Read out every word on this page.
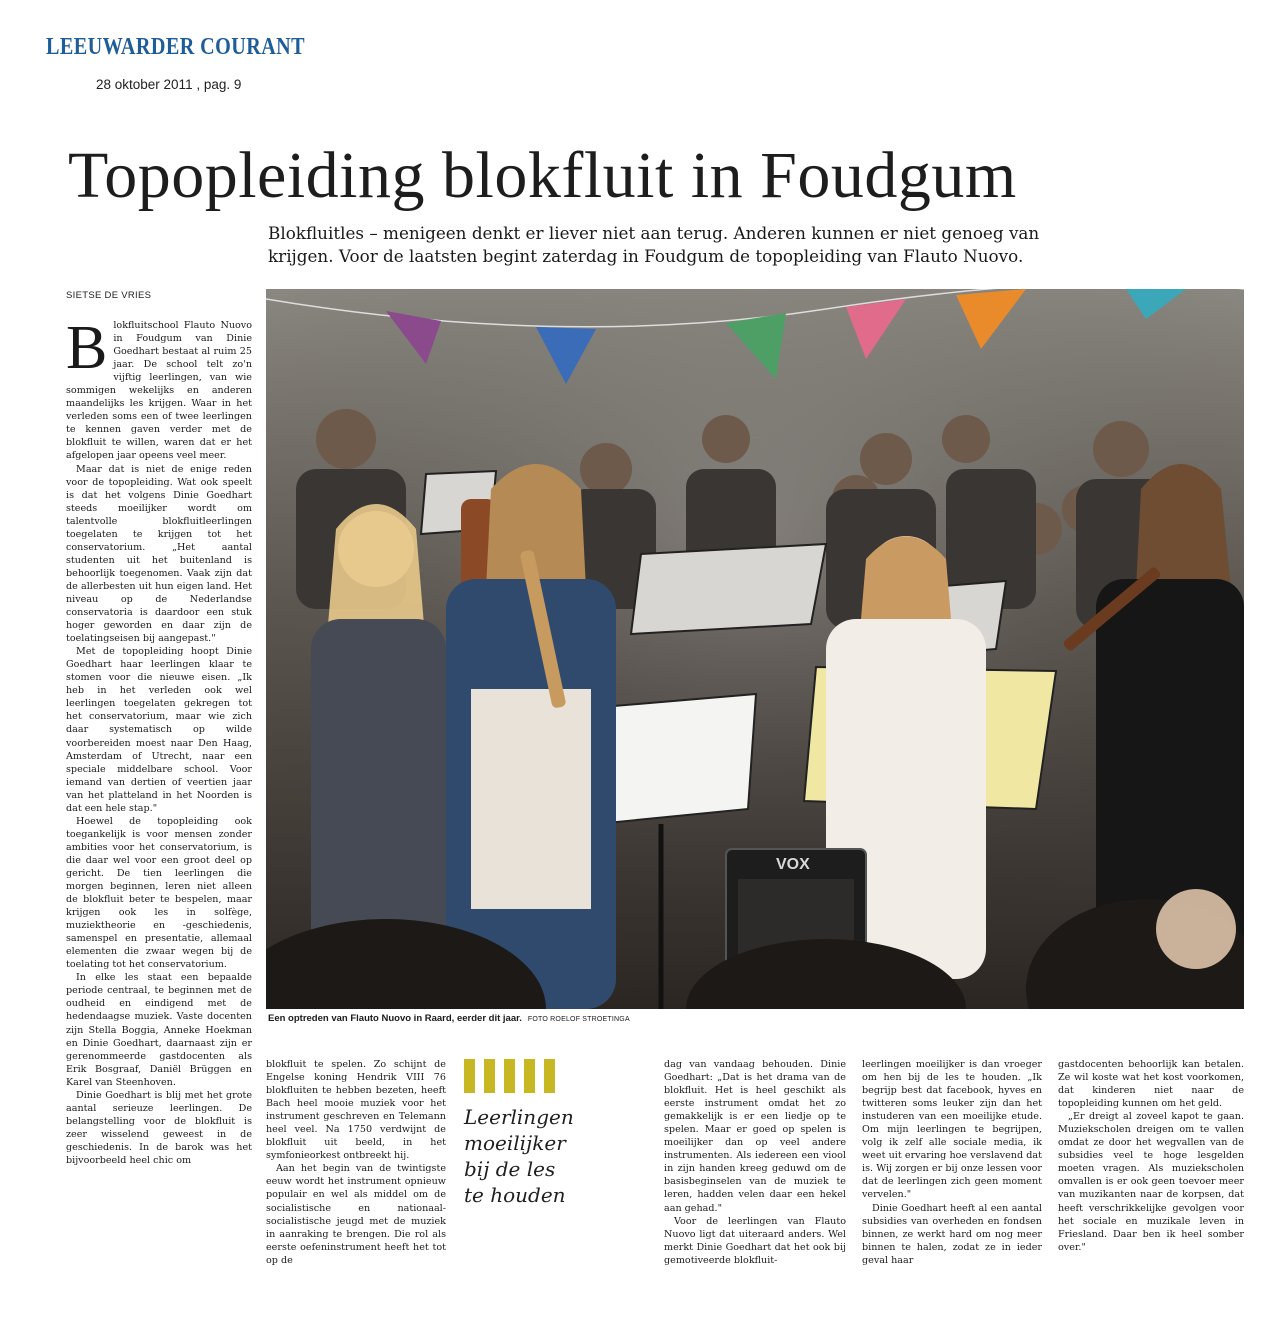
LEEUWARDER COURANT
28 oktober 2011 , pag. 9
Topopleiding blokfluit in Foudgum
Blokfluitles – menigeen denkt er liever niet aan terug. Anderen kunnen er niet genoeg van
krijgen. Voor de laatsten begint zaterdag in Foudgum de topopleiding van Flauto Nuovo.
SIETSE DE VRIES

Blokfluitschool Flauto Nuovo in Foudgum van Dinie Goedhart bestaat al ruim 25 jaar. De school telt zo'n vijftig leerlingen, van wie sommigen wekelijks en anderen maandelijks les krijgen. Waar in het verleden soms een of twee leerlingen te kennen gaven verder met de blokfluit te willen, waren dat er het afgelopen jaar opeens veel meer.

Maar dat is niet de enige reden voor de topopleiding. Wat ook speelt is dat het volgens Dinie Goedhart steeds moeilijker wordt om talentvolle blokfluitleerlingen toegelaten te krijgen tot het conservatorium. „Het aantal studenten uit het buitenland is behoorlijk toegenomen. Vaak zijn dat de allerbesten uit hun eigen land. Het niveau op de Nederlandse conservatoria is daardoor een stuk hoger geworden en daar zijn de toelatingseisen bij aangepast."

Met de topopleiding hoopt Dinie Goedhart haar leerlingen klaar te stomen voor die nieuwe eisen. „Ik heb in het verleden ook wel leerlingen toegelaten gekregen tot het conservatorium, maar wie zich daar systematisch op wilde voorbereiden moest naar Den Haag, Amsterdam of Utrecht, naar een speciale middelbare school. Voor iemand van dertien of veertien jaar van het platteland in het Noorden is dat een hele stap."

Hoewel de topopleiding ook toegankelijk is voor mensen zonder ambities voor het conservatorium, is die daar wel voor een groot deel op gericht. De tien leerlingen die morgen beginnen, leren niet alleen de blokfluit beter te bespelen, maar krijgen ook les in solfège, muziektheorie en -geschiedenis, samenspel en presentatie, allemaal elementen die zwaar wegen bij de toelating tot het conservatorium.

In elke les staat een bepaalde periode centraal, te beginnen met de oudheid en eindigend met de hedendaagse muziek. Vaste docenten zijn Stella Boggia, Anneke Hoekman en Dinie Goedhart, daarnaast zijn er gerenommeerde gastdocenten als Erik Bosgraaf, Daniël Brüggen en Karel van Steenhoven.

Dinie Goedhart is blij met het grote aantal serieuze leerlingen. De belangstelling voor de blokfluit is zeer wisselend geweest in de geschiedenis. In de barok was het bijvoorbeeld heel chic om

VOX
Een optreden van Flauto Nuovo in Raard, eerder dit jaar. FOTO ROELOF STROETINGA

blokfluit te spelen. Zo schijnt de Engelse koning Hendrik VIII 76 blokfluiten te hebben bezeten, heeft Bach heel mooie muziek voor het instrument geschreven en Telemann heel veel. Na 1750 verdwijnt de blokfluit uit beeld, in het symfonieorkest ontbreekt hij.

Aan het begin van de twintigste eeuw wordt het instrument opnieuw populair en wel als middel om de socialistische en nationaal-socialistische jeugd met de muziek in aanraking te brengen. Die rol als eerste oefeninstrument heeft het tot op de

Leerlingen
moeilijker
bij de les
te houden

dag van vandaag behouden. Dinie Goedhart: „Dat is het drama van de blokfluit. Het is heel geschikt als eerste instrument omdat het zo gemakkelijk is er een liedje op te spelen. Maar er goed op spelen is moeilijker dan op veel andere instrumenten. Als iedereen een viool in zijn handen kreeg geduwd om de basisbeginselen van de muziek te leren, hadden velen daar een hekel aan gehad."

Voor de leerlingen van Flauto Nuovo ligt dat uiteraard anders. Wel merkt Dinie Goedhart dat het ook bij gemotiveerde blokfluit-

leerlingen moeilijker is dan vroeger om hen bij de les te houden. „Ik begrijp best dat facebook, hyves en twitteren soms leuker zijn dan het instuderen van een moeilijke etude. Om mijn leerlingen te begrijpen, volg ik zelf alle sociale media, ik weet uit ervaring hoe verslavend dat is. Wij zorgen er bij onze lessen voor dat de leerlingen zich geen moment vervelen."

Dinie Goedhart heeft al een aantal subsidies van overheden en fondsen binnen, ze werkt hard om nog meer binnen te halen, zodat ze in ieder geval haar

gastdocenten behoorlijk kan betalen. Ze wil koste wat het kost voorkomen, dat kinderen niet naar de topopleiding kunnen om het geld.

„Er dreigt al zoveel kapot te gaan. Muziekscholen dreigen om te vallen omdat ze door het wegvallen van de subsidies veel te hoge lesgelden moeten vragen. Als muziekscholen omvallen is er ook geen toevoer meer van muzikanten naar de korpsen, dat heeft verschrikkelijke gevolgen voor het sociale en muzikale leven in Friesland. Daar ben ik heel somber over."
